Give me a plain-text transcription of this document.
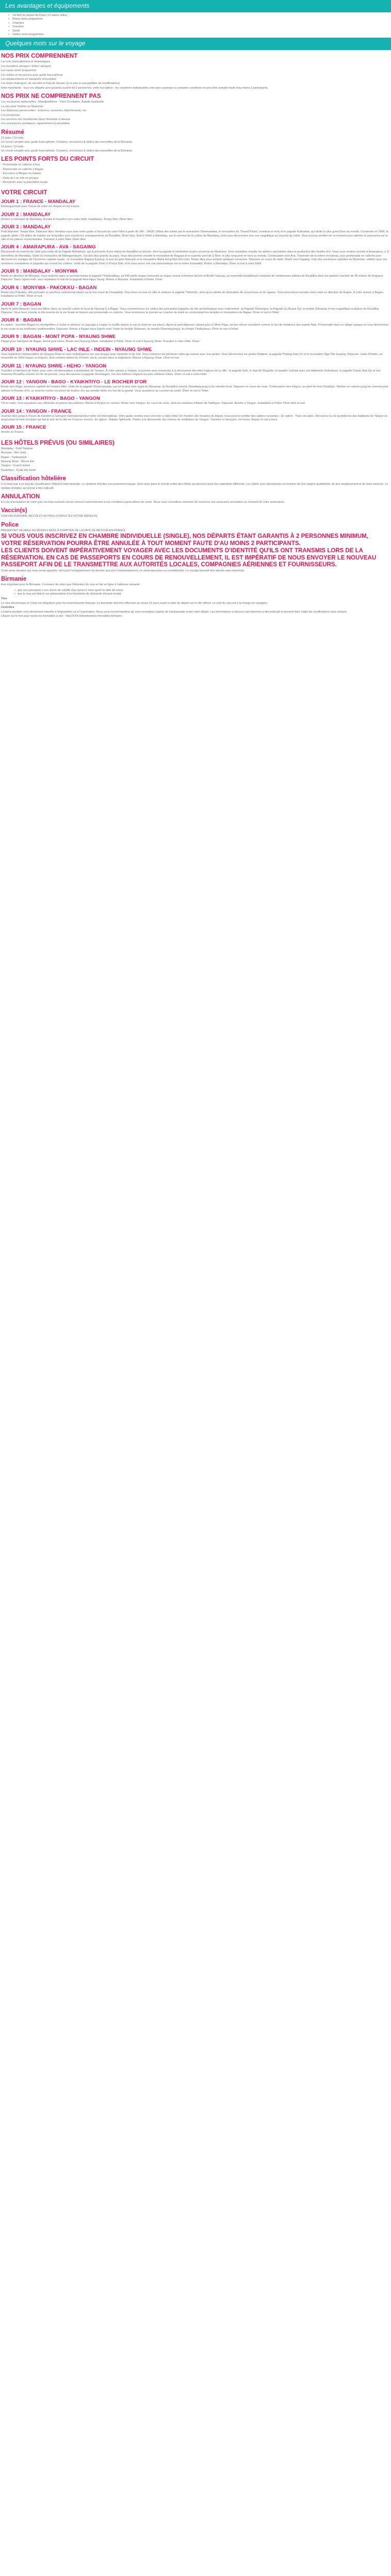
Les avantages et équipements
• Vol A/R au départ de Paris (+3 autres villes)
• Repas dans programme
• Chambre
• Transfert
• Guide
• Visites selon programme
Quelques mots sur le voyage
NOS PRIX COMPRENNENT

Les vols internationaux et domestiques

Les transferts aéroport / hôtel / aéroport

Les repas selon programme

Les visites et excursions avec guide francophone

Les déplacements en transports d'exception

Les taxes d'aéroport, de sécurité et frais de dossier (à ce jour et susceptibles de modifications)

Note importante : tous vos départs sont garantis à partir de 2 personnes, votre inscription : les chambres individuelles sont avec soumises à certaines conditions et peut être annulée faute d'au moins 2 participants.

NOS PRIX NE COMPRENNENT PAS

Les excursions optionnelles : Mandgoulfères - Train Circulation, Balade Spirituelle.

La visa pour l'entrée au Myanmar

Les dépenses personnelles : boissons, souvenirs, blanchisserie, etc.

Les pourboires

Les services non mentionnés dans l'itinéraire ci-dessus

Les assurances assistance, rapatriement et annulation

Résumé

13 jours / 12 nuits

Un circuit complet avec guide francophone. Croisière, excursions & visites des merveilles de la Birmanie.

15 jours / 12 nuits

Un circuit complet avec guide francophone. Croisière, excursions & visites des merveilles de la Birmanie.

LES POINTS FORTS DU CIRCUIT

- Promenade en calèche à Ava

- Promenade en calèche à Bagan

- Excursion à Mingun en bateau

- Visite du Lac Inle en pirogue

- Rencontre avec la population locale

VOTRE CIRCUIT
JOUR 1 : FRANCE - MANDALAY

Embarquement avec l'heure de votre vol. Repas et nuit à bord.

JOUR 2 : MANDALAY

Arrivée à l'aéroport de Mandalay. Accueil et transfert vers votre hôtel. Installation. Temps libre. Dîner libre.

JOUR 3 : MANDALAY

Petit déjeuner. Temps libre. Déjeuner libre. Rendez-vous avec votre guide à l'accueil de votre hôtel à partir de 14h - 14h30. Début des visites par le monastère Shwenandaw, le monastère du "Grand Palais" construit en teck et le pagode Kuthodaw, qui abrite la plus grand livre du monde. Construite en 1868, la pagode abrite 729 dalles de marbre sur lesquelles sont inscrits les enseignements de Bouddha. Dîner libre. Nuit à l'hôtel à Mandalay, sur le sommet de la colline de Mandalay, d'où vous découvrirez une vue magnifique au coucher du soleil. Vous pourrez profiter de ce moment pour admirer le panorama sur la ville et les plaines environnantes. Transfert à votre hôtel. Dîner libre.

JOUR 4 : AMARAPURA - AVA - SAGAING

Découverte du marché de Jade puis visite de la Pagode Mahamuni, qui la présente d'une statue de Bouddha en bronze, dont la pagode le vénération la plus ancienne du Myanmar. Vous rejoindrez ensuite les ateliers spécialisés dans la production des feuilles d'or. Vous vous rendrez ensuite à Amarapura, à 11 kilomètres de Mandalay. Visite du monastère de Mahagandayon, l'un des plus grands du pays. Vous découvrirez ensuite le monastère de Bagaya et le superbe pont de U Bein, le plus long pont en teck au monde. Continuation vers Ava. Traversée de la rivière en bateau, puis promenade en calèche pour découvrir les vestiges de l'ancienne capitale royale : le monastère Bagaya Kyaung, la tour de guet Nanmyin et le monastère Maha Aung Mye Bon Zan. Temps libre pour acheter quelques souvenirs. Déjeuner en cours de visite. Route vers Sagaing, l'une des anciennes capitales du Myanmar, célèbre pour ses nombreux monastères et pagodes qui ornent les collines. Visite de la pagode Soon U Ponya Shin, d'où vous aurez une vue panoramique sur la rivière Irrawaddy. Retour à Mandalay. Dîner et nuit à votre hôtel.

JOUR 5 : MANDALAY - MONYWA

Route en direction de Monywa. Vous visiterez dans un premier temps la pagode Thanboddhay, au 845 petits stupas entourant un stupa central richement décoré et Bodhi Tataung, un ensemble bouddhique composé de nombreuses statues de Bouddha dont une géante couchée de 95 mètres de longueur. Déjeuner. Dans l'après-midi, vous rejoindrez le hall de la pagode Hsin Hpyu Taung. Retour à Monywa. Installation à l'hôtel. Dîner.

JOUR 6 : MONYWA - PAKOKKU - BAGAN

Route vers Pakokku, ville portuaire et carrefour commercial située sur la rive ouest de l'Irrawaddy. Vous ferez un tour en ville et visiterez la pagode Thihoshin, ainsi qu'un atelier de fabrication de couvertures et de cigares. Vous poursuivrez ensuite votre route en direction de Bagan. À votre arrivée à Bagan, installation à l'hôtel. Dîner et nuit.

JOUR 7 : BAGAN

Après le petit-déjeuner, vous irez flâner dans un marché coloré et local de Nyaung U à Bagan. Vous commencerez les visites des principales pagodes de site archéologique avec notamment : la Pagode Shwezigon, la Pagode Gu Byauk Gyi, le temple d'Ananda et son magnifique sculpture de Bouddha. Déjeuner. Vous ferez ensuite la découverte de la vie locale en faisant une promenade en calèche. Vous terminerez la journée au coucher du soleil en contemplant les temples et monastères de Bagan. Dîner et nuit à l'hôtel.

JOUR 8 : BAGAN

En option : Survolez Bagan en montgolfière à l'aube et admirez un paysage à couper le souffle depuis le ciel (à réserver sur place). Après le petit-déjeuner, départ pour le Mont Popa, ancien volcan considéré comme le lieu de résidence des esprits Nats. Promenade dans un village typique où vous découvrirez la vie rurale et les méthodes traditionnelles. Déjeuner. Retour à Bagan dans l'après-midi. Visite du temple Sulamani, du temple Dhammayangyi, du temple Thatbyinnyu. Dîner et nuit à l'hôtel.

JOUR 9 : BAGAN - MONT POPA - NYAUNG SHWE

Départ pour l'aéroport de Bagan. Envol pour Heho. Route vers Nyaung Shwe. Installation à l'hôtel. Dîner et nuit à Nyaung Shwe. Transfert à votre hôtel. Dîner.

JOUR 10 : NYAUNG SHWE - LAC INLE - INDEIN - NYAUNG SHWE

Vous rejoindrez l'embarcadère de Nyaung Shwe et vous embarquerez sur une pirogue pour rejoindre le lac Inle. Vous croiserez les pêcheurs Intha qui rament avec leur jambe. Vous découvrirez les jardins flottants, la pagode Phaung Daw Oo et le monastère Nga Phe Kyaung. Déjeuner. Visite d'Indein, un ensemble de 1054 stupas en briques, dont certains datent du XIVème siècle, perdus dans la végétation. Retour à Nyaung Shwe. Dîner et nuit.

JOUR 11 : NYAUNG SHWE - HEHO - YANGON

Transfert à l'aéroport de Heho, pour votre vol domestique à destination de Yangon. À votre arrivée à Yangon, la journée sera consacrée à la découverte des sites majeurs de la ville : la pagode Sule, le marché Bogyoke, le quartier colonial avec ses bâtiments historiques, la pagode Chauk Htat Gyi et son immense Bouddha couché. En fin de journée, vous découvrirez la pagode Shwedagon, l'un des édifices religieux les plus célèbres d'Asie. Dîner et nuit à votre hôtel.

JOUR 12 : YANGON - BAGO - KYAIKHTIYO - LE ROCHER D'OR

Route vers Bago, ancienne capitale de l'empire Mon. Visite de la pagode Shwemawdaw, qui est le plus haut stupa du Myanmar, du Bouddha couché Shwethalyaung et du marché local. Déjeuner en cours de route. Continuation vers Kinpun, au pied du mont Kyaiktiyo. Montée en camion jusqu'au sommet pour admirer le Rocher d'Or, un énorme rocher recouvert de feuilles d'or qui semble défier les lois de la gravité. Vous assisterez au coucher du soleil. Dîner et nuit à l'hôtel.

JOUR 13 : KYAIKHTIYO - BAGO - YANGON

Tôt le matin, vous assisterez aux offrandes et prières des pèlerins. Retour à Kinpun en camion. Route vers Yangon. En cours de route, arrêt au cimetière militaire de Taukkyan. Déjeuner. Arrivée à Yangon. Installation à l'hôtel. Dîner libre et nuit.

JOUR 14 : YANGON - FRANCE

Journée libre jusqu'à l'heure de transfert à l'aéroport international pour votre vol international. Votre guide viendra vous chercher à votre hôtel. En fonction des horaires de départ, vous pourrez profiter des options suivantes : En option : Train circulaire. Découvrez la vie quotidienne des habitants de Yangon en empruntant le train circulaire qui fait le tour de la ville en 3 heures environ. En option : Balade Spirituelle. Partez à la découverte des centres de méditation de Yangon. Transfert à l'aéroport. Vol retour. Repas et nuit à bord.

JOUR 15 : FRANCE

Arrivée en France.

LES HÔTELS PRÉVUS (OU SIMILAIRES)

Mandalay : Gold Yadanar

Monywa : Win Unity

Bagan : Yadanarbon

Nyaung Shwe : Mount Inle

Yangon : Grand United

Kyaikhtiyo : Kyaik Hto Hotel

Classification hôtelière

Il n'existe pas à ce jour de classification hôtelière internationale. Le système d'étoiles est purement français. Vous avez dans le monde entier des hôtels qui peuvent avoir des standards différents. Les hôtels sont sélectionnés en fonction de leur rapport qualité/prix, de leur emplacement et de leurs services. Le nombre d'étoiles est donné à titre indicatif.

ANNULATION

En cas d'annulation de votre part, les frais suivants seront retenus conformément à nos conditions particulières de vente. Nous vous conseillons vivement de souscrire une assurance annulation au moment de votre réservation.

Vaccin(s)

VISA OBLIGATOIRE VACCIN ET AUTRES CONSULTEZ VOTRE MÉDECIN

Police

PASSEPORT VALABLE AU MOINS 6 MOIS À COMPTER DE LA DATE DE RETOUR EN FRANCE

SI VOUS VOUS INSCRIVEZ EN CHAMBRE INDIVIDUELLE (SINGLE), NOS DÉPARTS ÉTANT GARANTIS À 2 PERSONNES MINIMUM, VOTRE RÉSERVATION POURRA ÊTRE ANNULÉE À TOUT MOMENT FAUTE D'AU MOINS 2 PARTICIPANTS.

LES CLIENTS DOIVENT IMPÉRATIVEMENT VOYAGER AVEC LES DOCUMENTS D'IDENTITÉ QU'ILS ONT TRANSMIS LORS DE LA RÉSERVATION. EN CAS DE PASSEPORTS EN COURS DE RENOUVELLEMENT, IL EST IMPÉRATIF DE NOUS ENVOYER LE NOUVEAU PASSEPORT AFIN DE LE TRANSMETTRE AUX AUTORITÉS LOCALES, COMPAGNIES AÉRIENNES ET FOURNISSEURS.

Toute autre situation qui nous serait signalée, tant pour l'enregistrement du dossier que pour l'embarquement, ne serait pas prise en considération. Le voyage pourrait être annulé sans indemnité.

Birmanie

Avis important pour la Birmanie, il convient de noter que l'obtention du visa se fait en ligne à l'adresse suivante :

• que son passeport a une durée de validité d'au moins 6 mois après la date de retour
• que le visa est délivré sur présentation d'un formulaire de demande dûment rempli

Visa

Le visa électronique (e-Visa) est obligatoire pour les ressortissants français. La demande doit être effectuée au moins 15 jours avant la date du départ sur le site officiel. Le coût du visa est à la charge du voyageur.

Contrôles

Certains produits sont strictement interdits à l'importation ou à l'exportation. Nous vous recommandons de vous renseigner auprès de l'ambassade avant votre départ. Les informations ci-dessus sont données à titre indicatif et peuvent faire l'objet de modifications sans préavis.

Cliquer sur le lien pour toutes les formalités à jour : http://XXX.fr/destinations-formalites-birmanie
